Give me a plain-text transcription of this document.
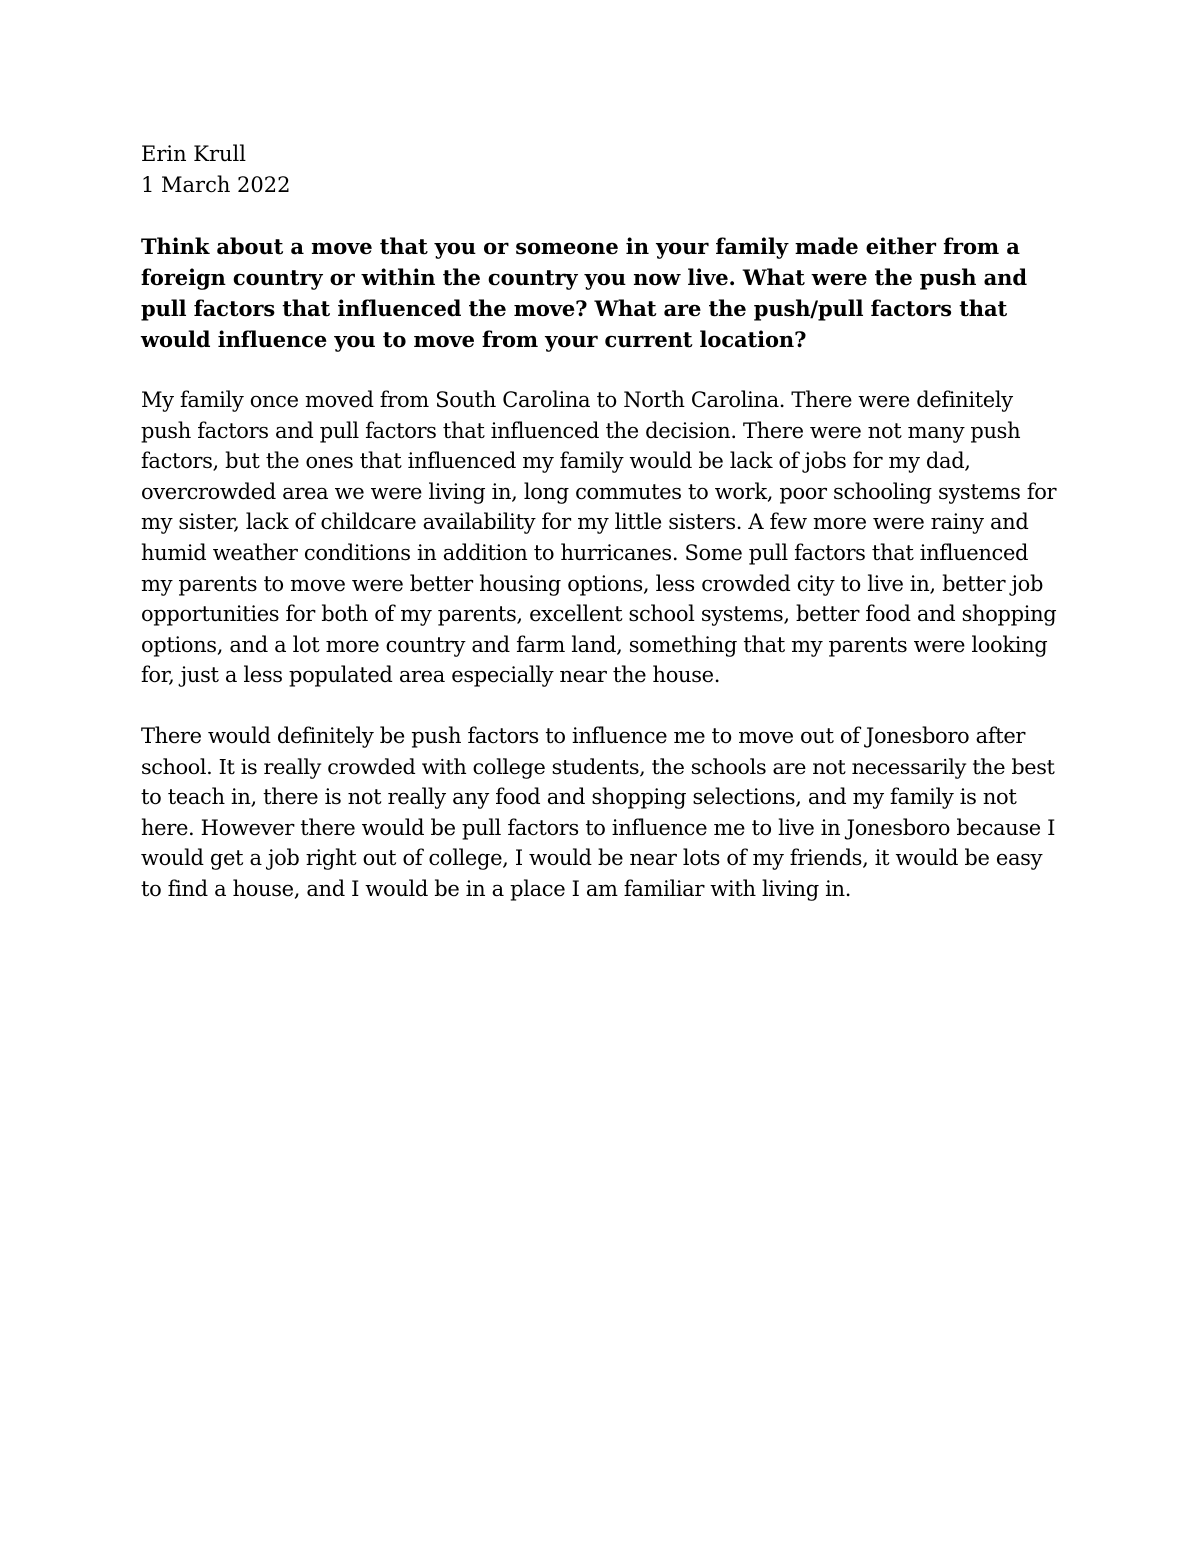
Erin Krull

1 March 2022

Think about a move that you or someone in your family made either from a
foreign country or within the country you now live. What were the push and
pull factors that influenced the move? What are the push/pull factors that
would influence you to move from your current location?

My family once moved from South Carolina to North Carolina. There were definitely
push factors and pull factors that influenced the decision. There were not many push
factors, but the ones that influenced my family would be lack of jobs for my dad,
overcrowded area we were living in, long commutes to work, poor schooling systems for
my sister, lack of childcare availability for my little sisters. A few more were rainy and
humid weather conditions in addition to hurricanes. Some pull factors that influenced
my parents to move were better housing options, less crowded city to live in, better job
opportunities for both of my parents, excellent school systems, better food and shopping
options, and a lot more country and farm land, something that my parents were looking
for, just a less populated area especially near the house.

There would definitely be push factors to influence me to move out of Jonesboro after
school. It is really crowded with college students, the schools are not necessarily the best
to teach in, there is not really any food and shopping selections, and my family is not
here. However there would be pull factors to influence me to live in Jonesboro because I
would get a job right out of college, I would be near lots of my friends, it would be easy
to find a house, and I would be in a place I am familiar with living in.
